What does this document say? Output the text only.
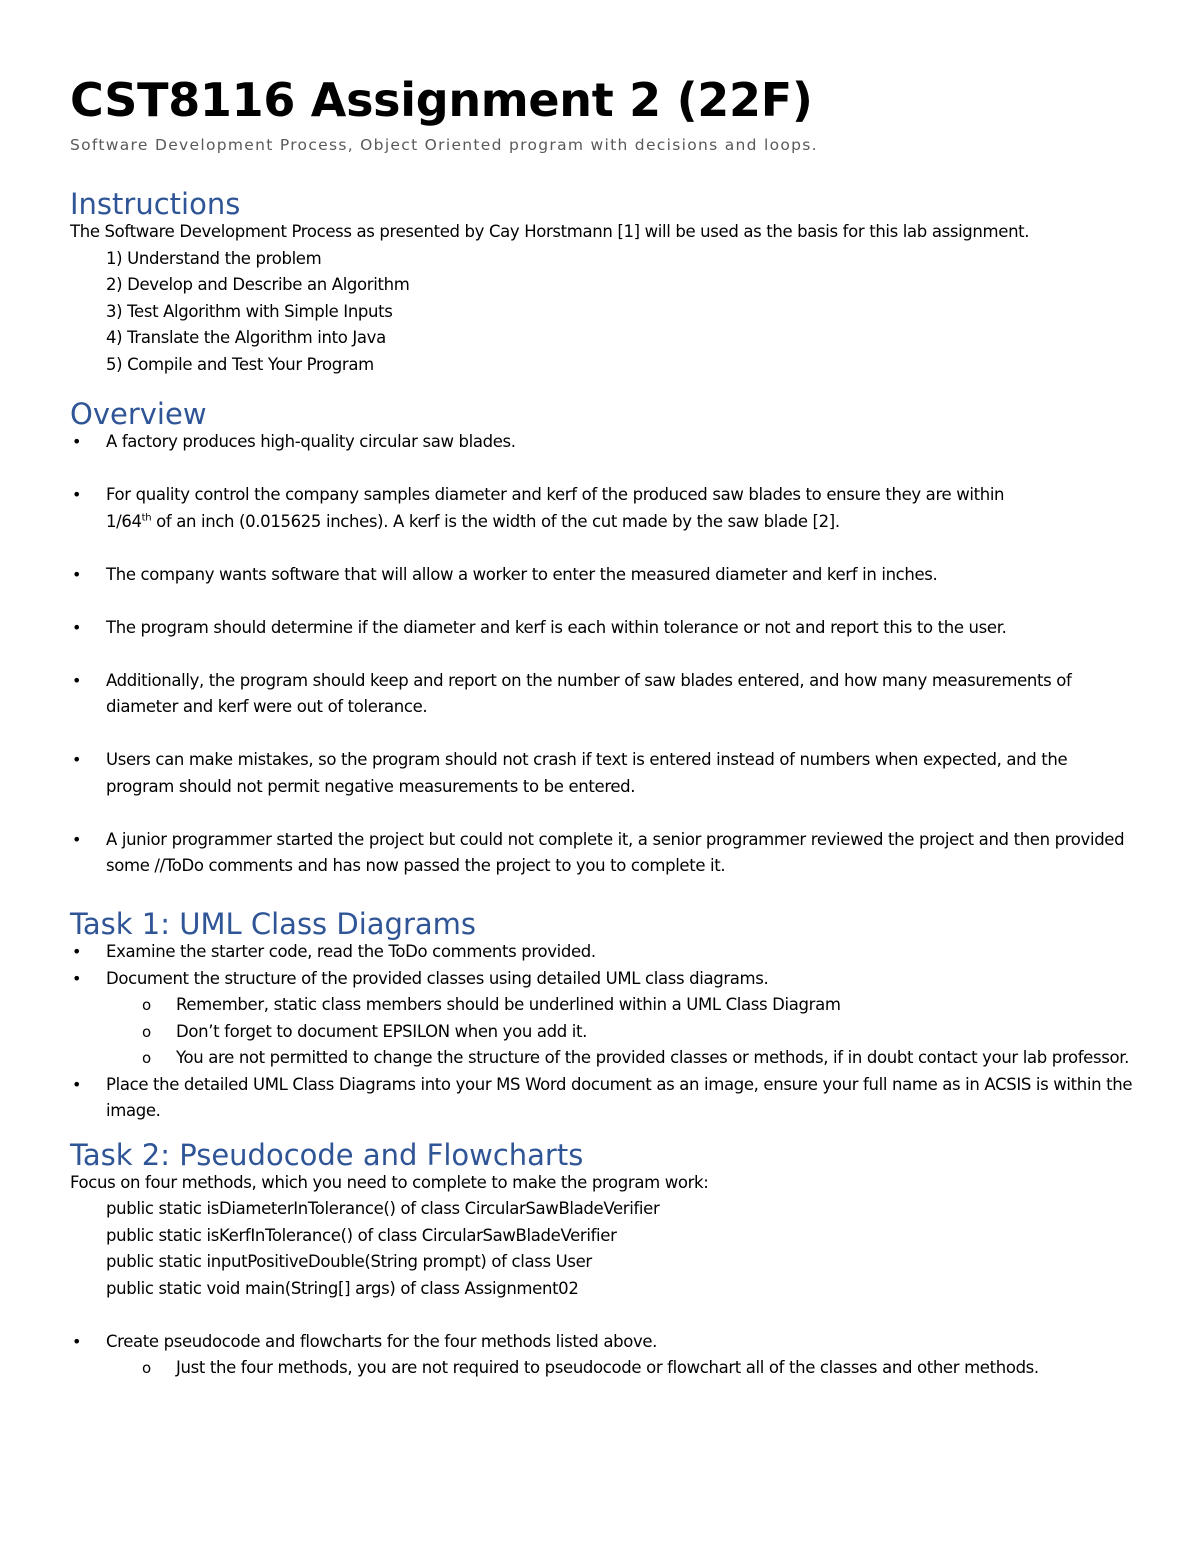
CST8116 Assignment 2 (22F)

Software Development Process, Object Oriented program with decisions and loops.

Instructions

The Software Development Process as presented by Cay Horstmann [1] will be used as the basis for this lab assignment.

1) Understand the problem
2) Develop and Describe an Algorithm
3) Test Algorithm with Simple Inputs
4) Translate the Algorithm into Java
5) Compile and Test Your Program
Overview
• A factory produces high-quality circular saw blades.
• For quality control the company samples diameter and kerf of the produced saw blades to ensure they are within
1/64th of an inch (0.015625 inches). A kerf is the width of the cut made by the saw blade [2].
• The company wants software that will allow a worker to enter the measured diameter and kerf in inches.
• The program should determine if the diameter and kerf is each within tolerance or not and report this to the user.
• Additionally, the program should keep and report on the number of saw blades entered, and how many measurements of diameter and kerf were out of tolerance.
• Users can make mistakes, so the program should not crash if text is entered instead of numbers when expected, and the program should not permit negative measurements to be entered.
• A junior programmer started the project but could not complete it, a senior programmer reviewed the project and then provided some //ToDo comments and has now passed the project to you to complete it.
Task 1: UML Class Diagrams
• Examine the starter code, read the ToDo comments provided.
• Document the structure of the provided classes using detailed UML class diagrams.
o Remember, static class members should be underlined within a UML Class Diagram
o Don’t forget to document EPSILON when you add it.
o You are not permitted to change the structure of the provided classes or methods, if in doubt contact your lab professor.
• Place the detailed UML Class Diagrams into your MS Word document as an image, ensure your full name as in ACSIS is within the image.
Task 2: Pseudocode and Flowcharts

Focus on four methods, which you need to complete to make the program work:

public static isDiameterInTolerance() of class CircularSawBladeVerifier

public static isKerfInTolerance() of class CircularSawBladeVerifier

public static inputPositiveDouble(String prompt) of class User

public static void main(String[] args) of class Assignment02

• Create pseudocode and flowcharts for the four methods listed above.
o Just the four methods, you are not required to pseudocode or flowchart all of the classes and other methods.
